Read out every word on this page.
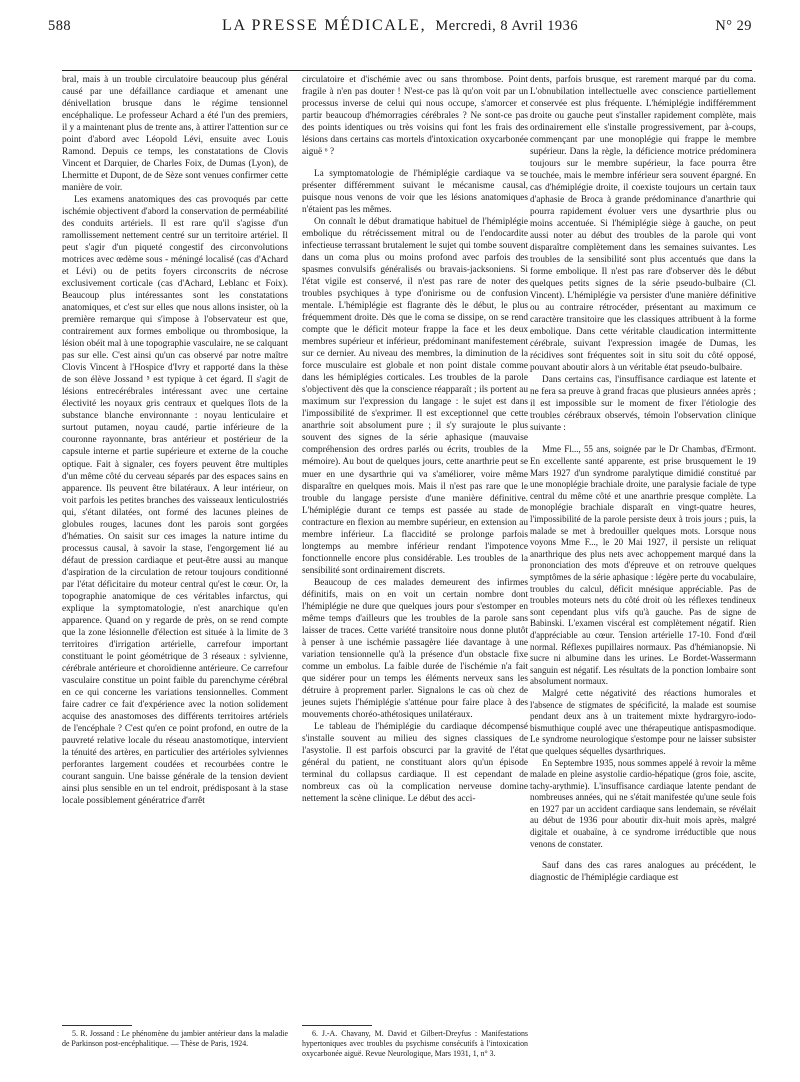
588	LA PRESSE MÉDICALE, Mercredi, 8 Avril 1936	N° 29

bral, mais à un trouble circulatoire beaucoup plus général causé par une défaillance cardiaque et amenant une dénivellation brusque dans le régime tensionnel encéphalique. Le professeur Achard a été l'un des premiers, il y a maintenant plus de trente ans, à attirer l'attention sur ce point d'abord avec Léopold Lévi, ensuite avec Louis Ramond. Depuis ce temps, les constatations de Clovis Vincent et Darquier, de Charles Foix, de Dumas (Lyon), de Lhermitte et Dupont, de de Sèze sont venues confirmer cette manière de voir.

Les examens anatomiques des cas provoqués par cette ischémie objectivent d'abord la conservation de perméabilité des conduits artériels. Il est rare qu'il s'agisse d'un ramollissement nettement centré sur un territoire artériel. Il peut s'agir d'un piqueté congestif des circonvolutions motrices avec œdème sous - méningé localisé (cas d'Achard et Lévi) ou de petits foyers circonscrits de nécrose exclusivement corticale (cas d'Achard, Leblanc et Foix). Beaucoup plus intéressantes sont les constatations anatomiques, et c'est sur elles que nous allons insister, où la première remarque qui s'impose à l'observateur est que, contrairement aux formes embolique ou thrombosique, la lésion obéit mal à une topographie vasculaire, ne se calquant pas sur elle. C'est ainsi qu'un cas observé par notre maître Clovis Vincent à l'Hospice d'Ivry et rapporté dans la thèse de son élève Jossand ⁵ est typique à cet égard. Il s'agit de lésions entrecérébrales intéressant avec une certaine électivité les noyaux gris centraux et quelques îlots de la substance blanche environnante : noyau lenticulaire et surtout putamen, noyau caudé, partie inférieure de la couronne rayonnante, bras antérieur et postérieur de la capsule interne et partie supérieure et externe de la couche optique. Fait à signaler, ces foyers peuvent être multiples d'un même côté du cerveau séparés par des espaces sains en apparence. Ils peuvent être bilatéraux. A leur intérieur, on voit parfois les petites branches des vaisseaux lenticulostriés qui, s'étant dilatées, ont formé des lacunes pleines de globules rouges, lacunes dont les parois sont gorgées d'hématies. On saisit sur ces images la nature intime du processus causal, à savoir la stase, l'engorgement lié au défaut de pression cardiaque et peut-être aussi au manque d'aspiration de la circulation de retour toujours conditionné par l'état déficitaire du moteur central qu'est le cœur. Or, la topographie anatomique de ces véritables infarctus, qui explique la symptomatologie, n'est anarchique qu'en apparence. Quand on y regarde de près, on se rend compte que la zone lésionnelle d'élection est située à la limite de 3 territoires d'irrigation artérielle, carrefour important constituant le point géométrique de 3 réseaux : sylvienne, cérébrale antérieure et choroïdienne antérieure. Ce carrefour vasculaire constitue un point faible du parenchyme cérébral en ce qui concerne les variations tensionnelles. Comment faire cadrer ce fait d'expérience avec la notion solidement acquise des anastomoses des différents territoires artériels de l'encéphale ? C'est qu'en ce point profond, en outre de la pauvreté relative locale du réseau anastomotique, intervient la ténuité des artères, en particulier des artérioles sylviennes perforantes largement coudées et recourbées contre le courant sanguin. Une baisse générale de la tension devient ainsi plus sensible en un tel endroit, prédisposant à la stase locale possiblement génératrice d'arrêt

circulatoire et d'ischémie avec ou sans thrombose. Point fragile à n'en pas douter ! N'est-ce pas là qu'on voit par un processus inverse de celui qui nous occupe, s'amorcer et partir beaucoup d'hémorragies cérébrales ? Ne sont-ce pas des points identiques ou très voisins qui font les frais des lésions dans certains cas mortels d'intoxication oxycarbonée aiguë ⁶ ?

La symptomatologie de l'hémiplégie cardiaque va se présenter différemment suivant le mécanisme causal, puisque nous venons de voir que les lésions anatomiques n'étaient pas les mêmes.

On connaît le début dramatique habituel de l'hémiplégie embolique du rétrécissement mitral ou de l'endocardite infectieuse terrassant brutalement le sujet qui tombe souvent dans un coma plus ou moins profond avec parfois des spasmes convulsifs généralisés ou bravais-jacksoniens. Si l'état vigile est conservé, il n'est pas rare de noter des troubles psychiques à type d'onirisme ou de confusion mentale. L'hémiplégie est flagrante dès le début, le plus fréquemment droite. Dès que le coma se dissipe, on se rend compte que le déficit moteur frappe la face et les deux membres supérieur et inférieur, prédominant manifestement sur ce dernier. Au niveau des membres, la diminution de la force musculaire est globale et non point distale comme dans les hémiplégies corticales. Les troubles de la parole s'objectivent dès que la conscience réapparaît ; ils portent au maximum sur l'expression du langage : le sujet est dans l'impossibilité de s'exprimer. Il est exceptionnel que cette anarthrie soit absolument pure ; il s'y surajoute le plus souvent des signes de la série aphasique (mauvaise compréhension des ordres parlés ou écrits, troubles de la mémoire). Au bout de quelques jours, cette anarthrie peut se muer en une dysarthrie qui va s'améliorer, voire même disparaître en quelques mois. Mais il n'est pas rare que le trouble du langage persiste d'une manière définitive. L'hémiplégie durant ce temps est passée au stade de contracture en flexion au membre supérieur, en extension au membre inférieur. La flaccidité se prolonge parfois longtemps au membre inférieur rendant l'impotence fonctionnelle encore plus considérable. Les troubles de la sensibilité sont ordinairement discrets.

Beaucoup de ces malades demeurent des infirmes définitifs, mais on en voit un certain nombre dont l'hémiplégie ne dure que quelques jours pour s'estomper en même temps d'ailleurs que les troubles de la parole sans laisser de traces. Cette variété transitoire nous donne plutôt à penser à une ischémie passagère liée davantage à une variation tensionnelle qu'à la présence d'un obstacle fixe comme un embolus. La faible durée de l'ischémie n'a fait que sidérer pour un temps les éléments nerveux sans les détruire à proprement parler. Signalons le cas où chez de jeunes sujets l'hémiplégie s'atténue pour faire place à des mouvements choréo-athétosiques unilatéraux.

Le tableau de l'hémiplégie du cardiaque décompensé s'installe souvent au milieu des signes classiques de l'asystolie. Il est parfois obscurci par la gravité de l'état général du patient, ne constituant alors qu'un épisode terminal du collapsus cardiaque. Il est cependant de nombreux cas où la complication nerveuse domine nettement la scène clinique. Le début des acci-

dents, parfois brusque, est rarement marqué par du coma. L'obnubilation intellectuelle avec conscience partiellement conservée est plus fréquente. L'hémiplégie indifféremment droite ou gauche peut s'installer rapidement complète, mais ordinairement elle s'installe progressivement, par à-coups, commençant par une monoplégie qui frappe le membre supérieur. Dans la règle, la déficience motrice prédominera toujours sur le membre supérieur, la face pourra être touchée, mais le membre inférieur sera souvent épargné. En cas d'hémiplégie droite, il coexiste toujours un certain taux d'aphasie de Broca à grande prédominance d'anarthrie qui pourra rapidement évoluer vers une dysarthrie plus ou moins accentuée. Si l'hémiplégie siège à gauche, on peut aussi noter au début des troubles de la parole qui vont disparaître complètement dans les semaines suivantes. Les troubles de la sensibilité sont plus accentués que dans la forme embolique. Il n'est pas rare d'observer dès le début quelques petits signes de la série pseudo-bulbaire (Cl. Vincent). L'hémiplégie va persister d'une manière définitive ou au contraire rétrocéder, présentant au maximum ce caractère transitoire que les classiques attribuent à la forme embolique. Dans cette véritable claudication intermittente cérébrale, suivant l'expression imagée de Dumas, les récidives sont fréquentes soit in situ soit du côté opposé, pouvant aboutir alors à un véritable état pseudo-bulbaire.

Dans certains cas, l'insuffisance cardiaque est latente et ne fera sa preuve à grand fracas que plusieurs années après ; il est impossible sur le moment de fixer l'étiologie des troubles cérébraux observés, témoin l'observation clinique suivante :

Mme Fl..., 55 ans, soignée par le Dr Chambas, d'Ermont. En excellente santé apparente, est prise brusquement le 19 Mars 1927 d'un syndrome paralytique dimidié constitué par une monoplégie brachiale droite, une paralysie faciale de type central du même côté et une anarthrie presque complète. La monoplégie brachiale disparaît en vingt-quatre heures, l'impossibilité de la parole persiste deux à trois jours ; puis, la malade se met à bredouiller quelques mots. Lorsque nous voyons Mme F..., le 20 Mai 1927, il persiste un reliquat anarthrique des plus nets avec achoppement marqué dans la prononciation des mots d'épreuve et on retrouve quelques symptômes de la série aphasique : légère perte du vocabulaire, troubles du calcul, déficit mnésique appréciable. Pas de troubles moteurs nets du côté droit où les réflexes tendineux sont cependant plus vifs qu'à gauche. Pas de signe de Babinski. L'examen viscéral est complètement négatif. Rien d'appréciable au cœur. Tension artérielle 17-10. Fond d'œil normal. Réflexes pupillaires normaux. Pas d'hémianopsie. Ni sucre ni albumine dans les urines. Le Bordet-Wassermann sanguin est négatif. Les résultats de la ponction lombaire sont absolument normaux.

Malgré cette négativité des réactions humorales et l'absence de stigmates de spécificité, la malade est soumise pendant deux ans à un traitement mixte hydrargyro-iodo-bismuthique couplé avec une thérapeutique antispasmodique. Le syndrome neurologique s'estompe pour ne laisser subsister que quelques séquelles dysarthriques.

En Septembre 1935, nous sommes appelé à revoir la même malade en pleine asystolie cardio-hépatique (gros foie, ascite, tachy-arythmie). L'insuffisance cardiaque latente pendant de nombreuses années, qui ne s'était manifestée qu'une seule fois en 1927 par un accident cardiaque sans lendemain, se révélait au début de 1936 pour aboutir dix-huit mois après, malgré digitale et ouabaïne, à ce syndrome irréductible que nous venons de constater.

Sauf dans des cas rares analogues au précédent, le diagnostic de l'hémiplégie cardiaque est

5. R. Jossand : Le phénomène du jambier antérieur dans la maladie de Parkinson post-encéphalitique. — Thèse de Paris, 1924.

6. J.-A. Chavany, M. David et Gilbert-Dreyfus : Manifestations hypertoniques avec troubles du psychisme consécutifs à l'intoxication oxycarbonée aiguë. Revue Neurologique, Mars 1931, 1, n° 3.
